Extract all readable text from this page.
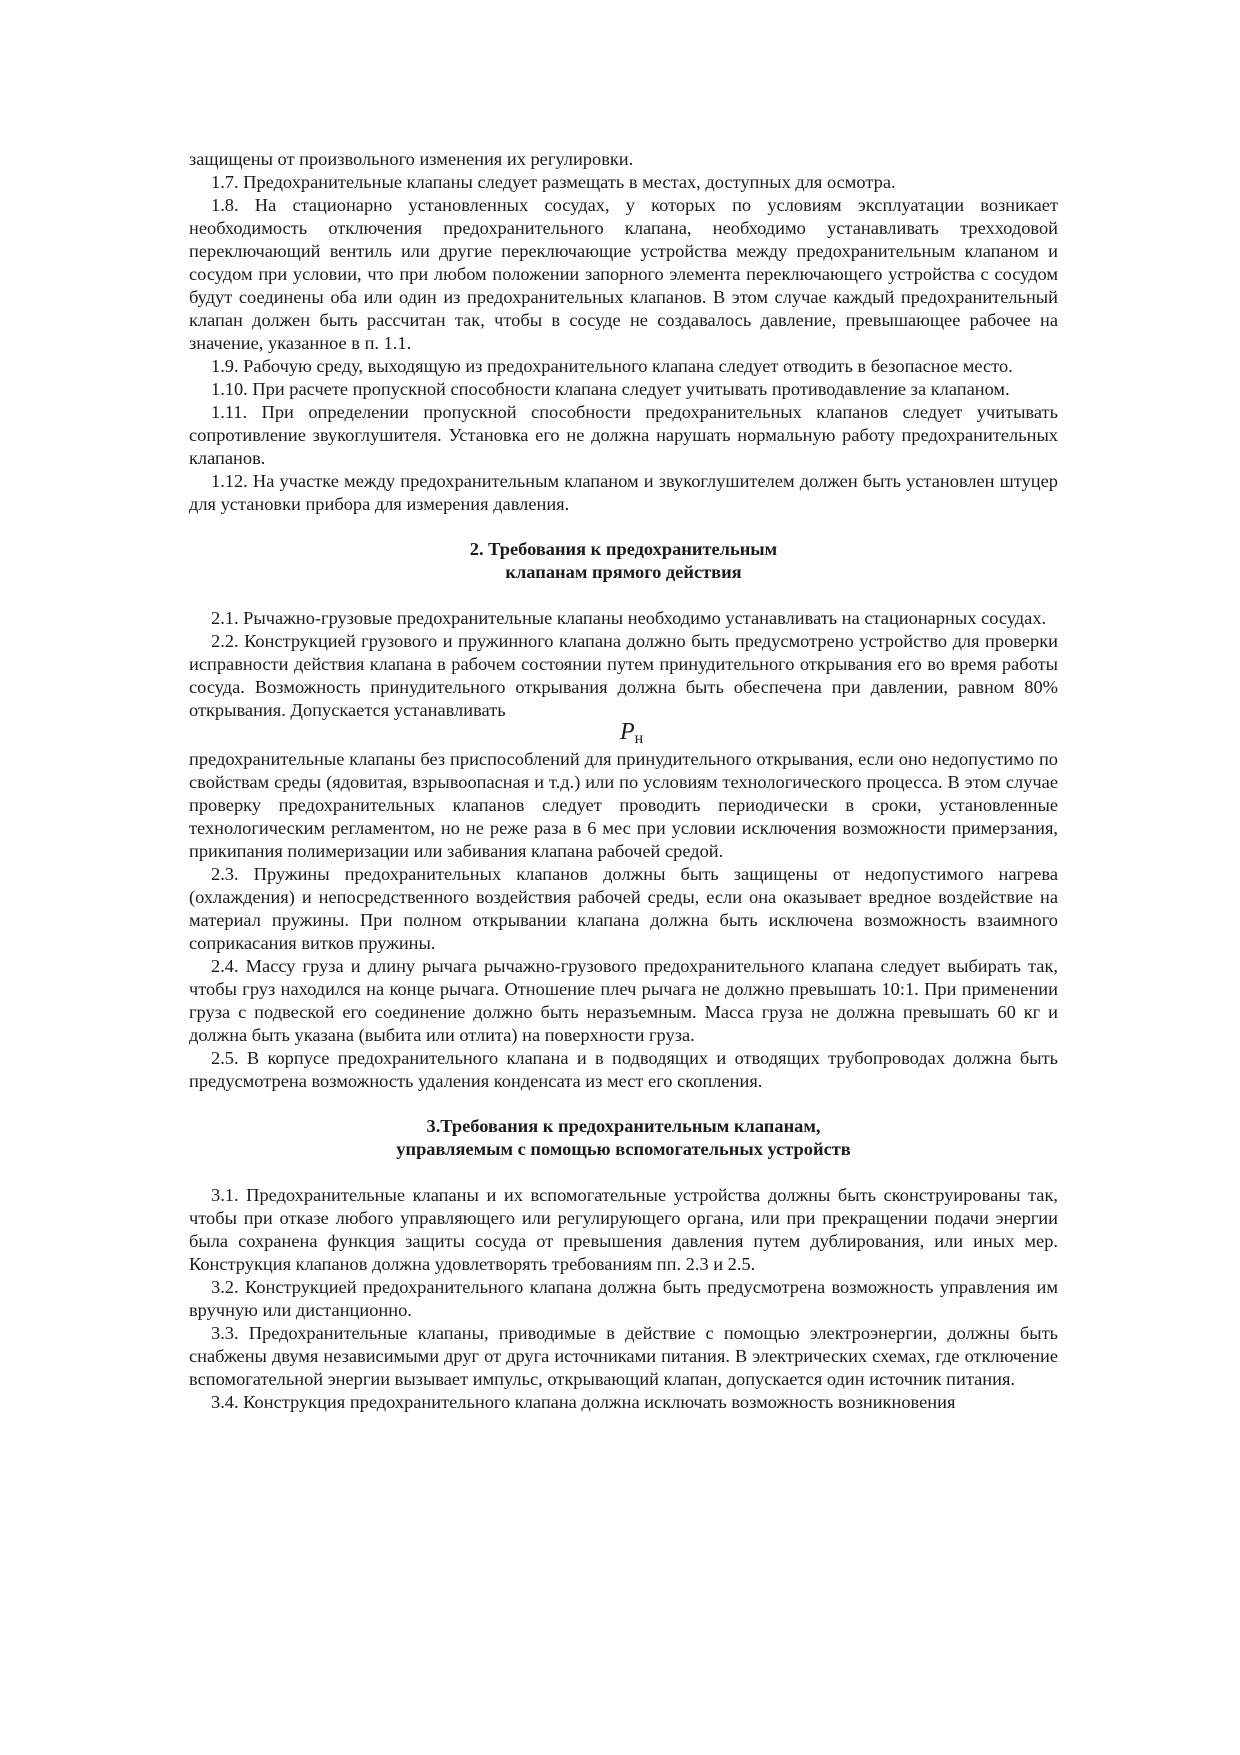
защищены от произвольного изменения их регулировки.

1.7. Предохранительные клапаны следует размещать в местах, доступных для осмотра.

1.8. На стационарно установленных сосудах, у которых по условиям эксплуатации возникает необходимость отключения предохранительного клапана, необходимо устанавливать трехходовой переключающий вентиль или другие переключающие устройства между предохранительным клапаном и сосудом при условии, что при любом положении запорного элемента переключающего устройства с сосудом будут соединены оба или один из предохранительных клапанов. В этом случае каждый предохранительный клапан должен быть рассчитан так, чтобы в сосуде не создавалось давление, превышающее рабочее на значение, указанное в п. 1.1.

1.9. Рабочую среду, выходящую из предохранительного клапана следует отводить в безопасное место.

1.10. При расчете пропускной способности клапана следует учитывать противодавление за клапаном.

1.11. При определении пропускной способности предохранительных клапанов следует учитывать сопротивление звукоглушителя. Установка его не должна нарушать нормальную работу предохранительных клапанов.

1.12. На участке между предохранительным клапаном и звукоглушителем должен быть установлен штуцер для установки прибора для измерения давления.

2. Требования к предохранительным
клапанам прямого действия

2.1. Рычажно-грузовые предохранительные клапаны необходимо устанавливать на стационарных сосудах.

2.2. Конструкцией грузового и пружинного клапана должно быть предусмотрено устройство для проверки исправности действия клапана в рабочем состоянии путем принудительного открывания его во время работы сосуда. Возможность принудительного открывания должна быть обеспечена при давлении, равном 80% открывания. Допускается устанавливать

$P_н$

предохранительные клапаны без приспособлений для принудительного открывания, если оно недопустимо по свойствам среды (ядовитая, взрывоопасная и т.д.) или по условиям технологического процесса. В этом случае проверку предохранительных клапанов следует проводить периодически в сроки, установленные технологическим регламентом, но не реже раза в 6 мес при условии исключения возможности примерзания, прикипания полимеризации или забивания клапана рабочей средой.

2.3. Пружины предохранительных клапанов должны быть защищены от недопустимого нагрева (охлаждения) и непосредственного воздействия рабочей среды, если она оказывает вредное воздействие на материал пружины. При полном открывании клапана должна быть исключена возможность взаимного соприкасания витков пружины.

2.4. Массу груза и длину рычага рычажно-грузового предохранительного клапана следует выбирать так, чтобы груз находился на конце рычага. Отношение плеч рычага не должно превышать 10:1. При применении груза с подвеской его соединение должно быть неразъемным. Масса груза не должна превышать 60 кг и должна быть указана (выбита или отлита) на поверхности груза.

2.5. В корпусе предохранительного клапана и в подводящих и отводящих трубопроводах должна быть предусмотрена возможность удаления конденсата из мест его скопления.

3.Требования к предохранительным клапанам,
управляемым с помощью вспомогательных устройств

3.1. Предохранительные клапаны и их вспомогательные устройства должны быть сконструированы так, чтобы при отказе любого управляющего или регулирующего органа, или при прекращении подачи энергии была сохранена функция защиты сосуда от превышения давления путем дублирования, или иных мер. Конструкция клапанов должна удовлетворять требованиям пп. 2.3 и 2.5.

3.2. Конструкцией предохранительного клапана должна быть предусмотрена возможность управления им вручную или дистанционно.

3.3. Предохранительные клапаны, приводимые в действие с помощью электроэнергии, должны быть снабжены двумя независимыми друг от друга источниками питания. В электрических схемах, где отключение вспомогательной энергии вызывает импульс, открывающий клапан, допускается один источник питания.

3.4. Конструкция предохранительного клапана должна исключать возможность возникновения
